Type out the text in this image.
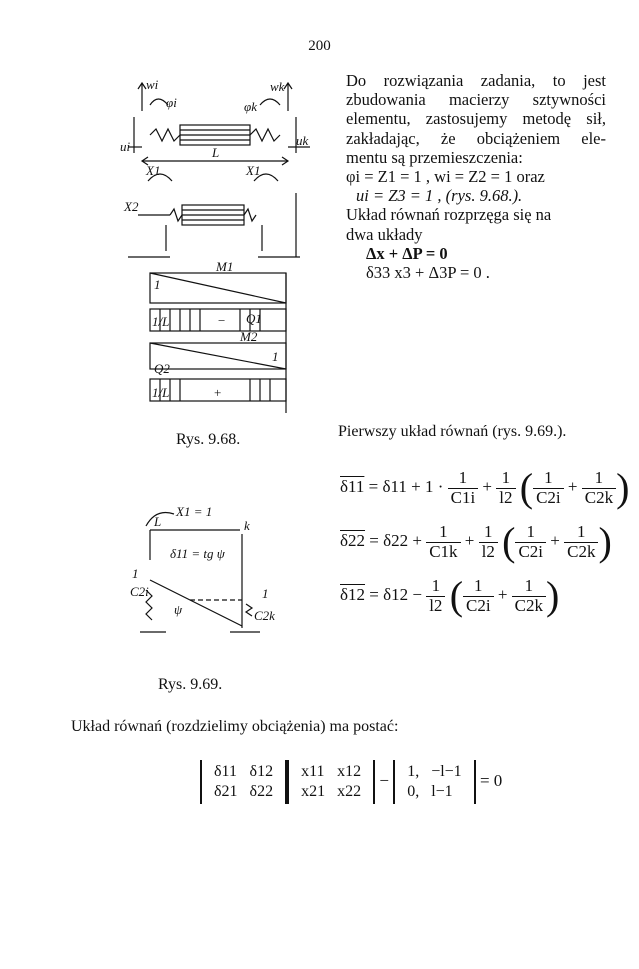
200
Do rozwiązania zadania, to jest
zbudowania macierzy sztywności
elementu, zastosujemy metodę sił,
zakładając, że obciążeniem ele-
mentu są przemieszczenia:
φi = Z1 = 1 , wi = Z2 = 1 oraz
ui = Z3 = 1 , (rys. 9.68.).
Układ równań rozprzęga się na
dwa układy
Δx + ΔP = 0
δ33 x3 + Δ3P = 0 .
Pierwszy układ równań (rys. 9.69.).
wi	wk
φi	φk
ui	uk
L
X1	X1
X2
M1
Q1
M2
Q2
1
1
1/L
1/L
−
+
Rys. 9.68.
X1 = 1
L	k
δ11 = tg ψ
1
C2i
ψ
1
C2k
Rys. 9.69.
$\delta 11 = \delta 11 + 1 \cdot \frac{1}{C1i} + \frac{1}{l2}$ ( $\frac{1}{C2i} + \frac{1}{C2k}$ )
$\delta 22 = \delta 22 + \frac{1}{C1k} + \frac{1}{l2}$ ( $\frac{1}{C2i} + \frac{1}{C2k}$ )
$\delta 12 = \delta 12 - \frac{1}{l2}$ ( $\frac{1}{C2i} + \frac{1}{C2k}$ )
Układ równań (rozdzielimy obciążenia) ma postać:
δ11	δ12
δ21	δ22
x11	x12
x21	x22
− 1,	−l−1
0,	l−1
= 0
